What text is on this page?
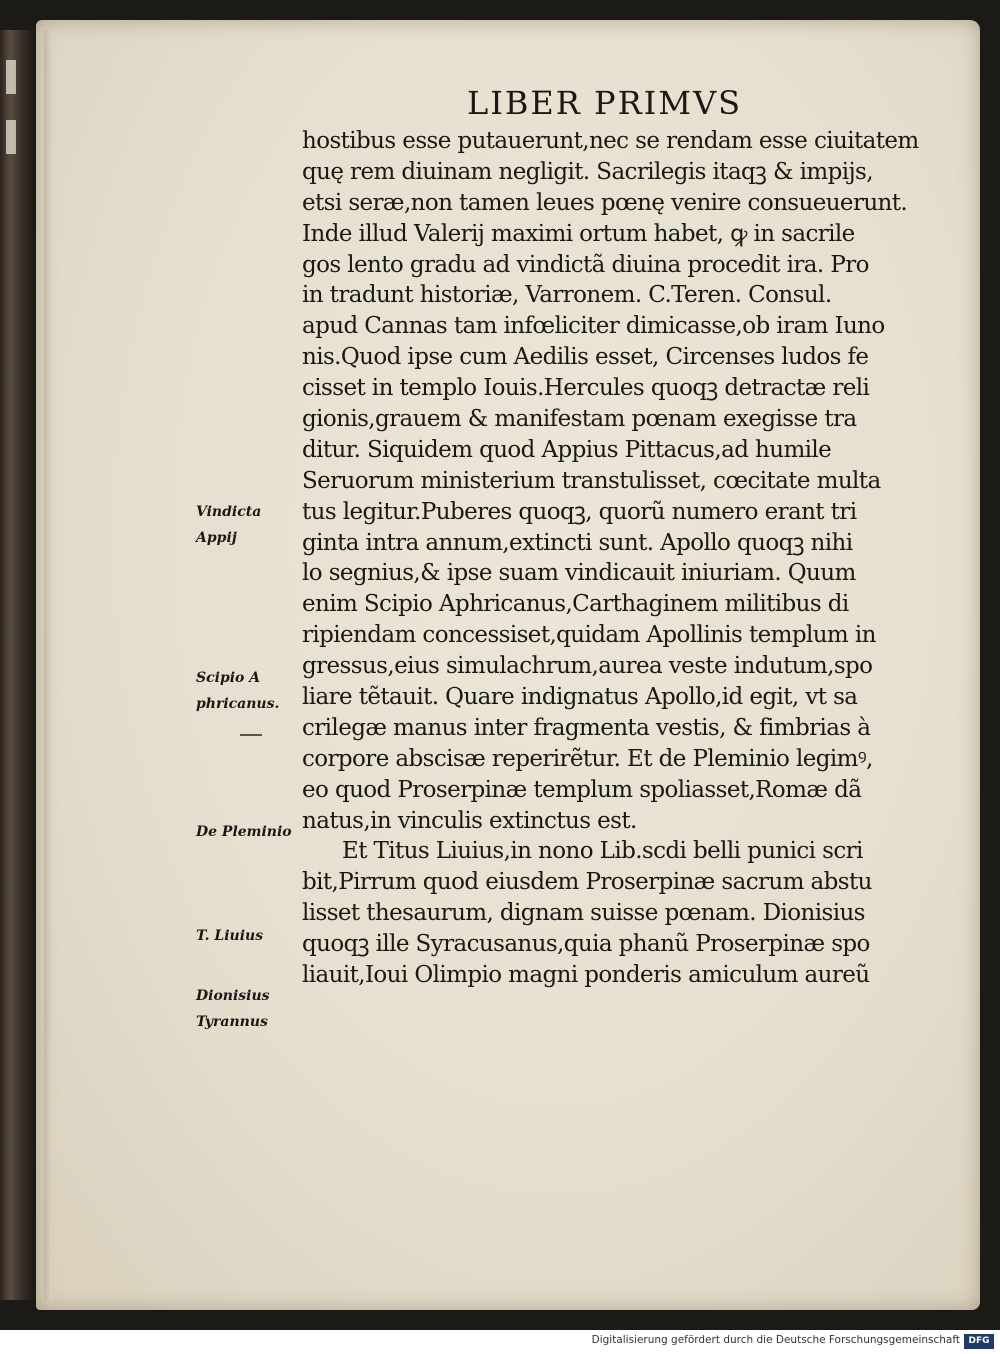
LIBER PRIMVS
hostibus esse putauerunt,nec se rendam esse ciuitatem
quę rem diuinam negligit. Sacrilegis itaqꝫ & impijs,
etsi seræ,non tamen leues pœnę venire consueuerunt.
Inde illud Valerij maximi ortum habet, ꝙ in sacrile
gos lento gradu ad vindictã diuina procedit ira. Pro
in tradunt historiæ, Varronem. C.Teren. Consul.
apud Cannas tam infœliciter dimicasse,ob iram Iuno
nis.Quod ipse cum Aedilis esset, Circenses ludos fe
cisset in templo Iouis.Hercules quoqꝫ detractæ reli
gionis,grauem & manifestam pœnam exegisse tra
ditur. Siquidem quod Appius Pittacus,ad humile
Seruorum ministerium transtulisset, cœcitate multa
tus legitur.Puberes quoqꝫ, quorũ numero erant tri
ginta intra annum,extincti sunt. Apollo quoqꝫ nihi
lo segnius,& ipse suam vindicauit iniuriam. Quum
enim Scipio Aphricanus,Carthaginem militibus di
ripiendam concessiset,quidam Apollinis templum in
gressus,eius simulachrum,aurea veste indutum,spo
liare tẽtauit. Quare indignatus Apollo,id egit, vt sa
crilegæ manus inter fragmenta vestis, & fimbrias à
corpore abscisæ reperirẽtur. Et de Pleminio legimꝰ,
eo quod Proserpinæ templum spoliasset,Romæ dã
natus,in vinculis extinctus est.
Et Titus Liuius,in nono Lib.scdi belli punici scri
bit,Pirrum quod eiusdem Proserpinæ sacrum abstu
lisset thesaurum, dignam suisse pœnam. Dionisius
quoqꝫ ille Syracusanus,quia phanũ Proserpinæ spo
liauit,Ioui Olimpio magni ponderis amiculum aureũ
Vindicta
Appij
Scipio A
phricanus.
De Pleminio
T. Liuius
Dionisius
Tyrannus
Digitalisierung gefördert durch die Deutsche Forschungsgemeinschaft DFG
